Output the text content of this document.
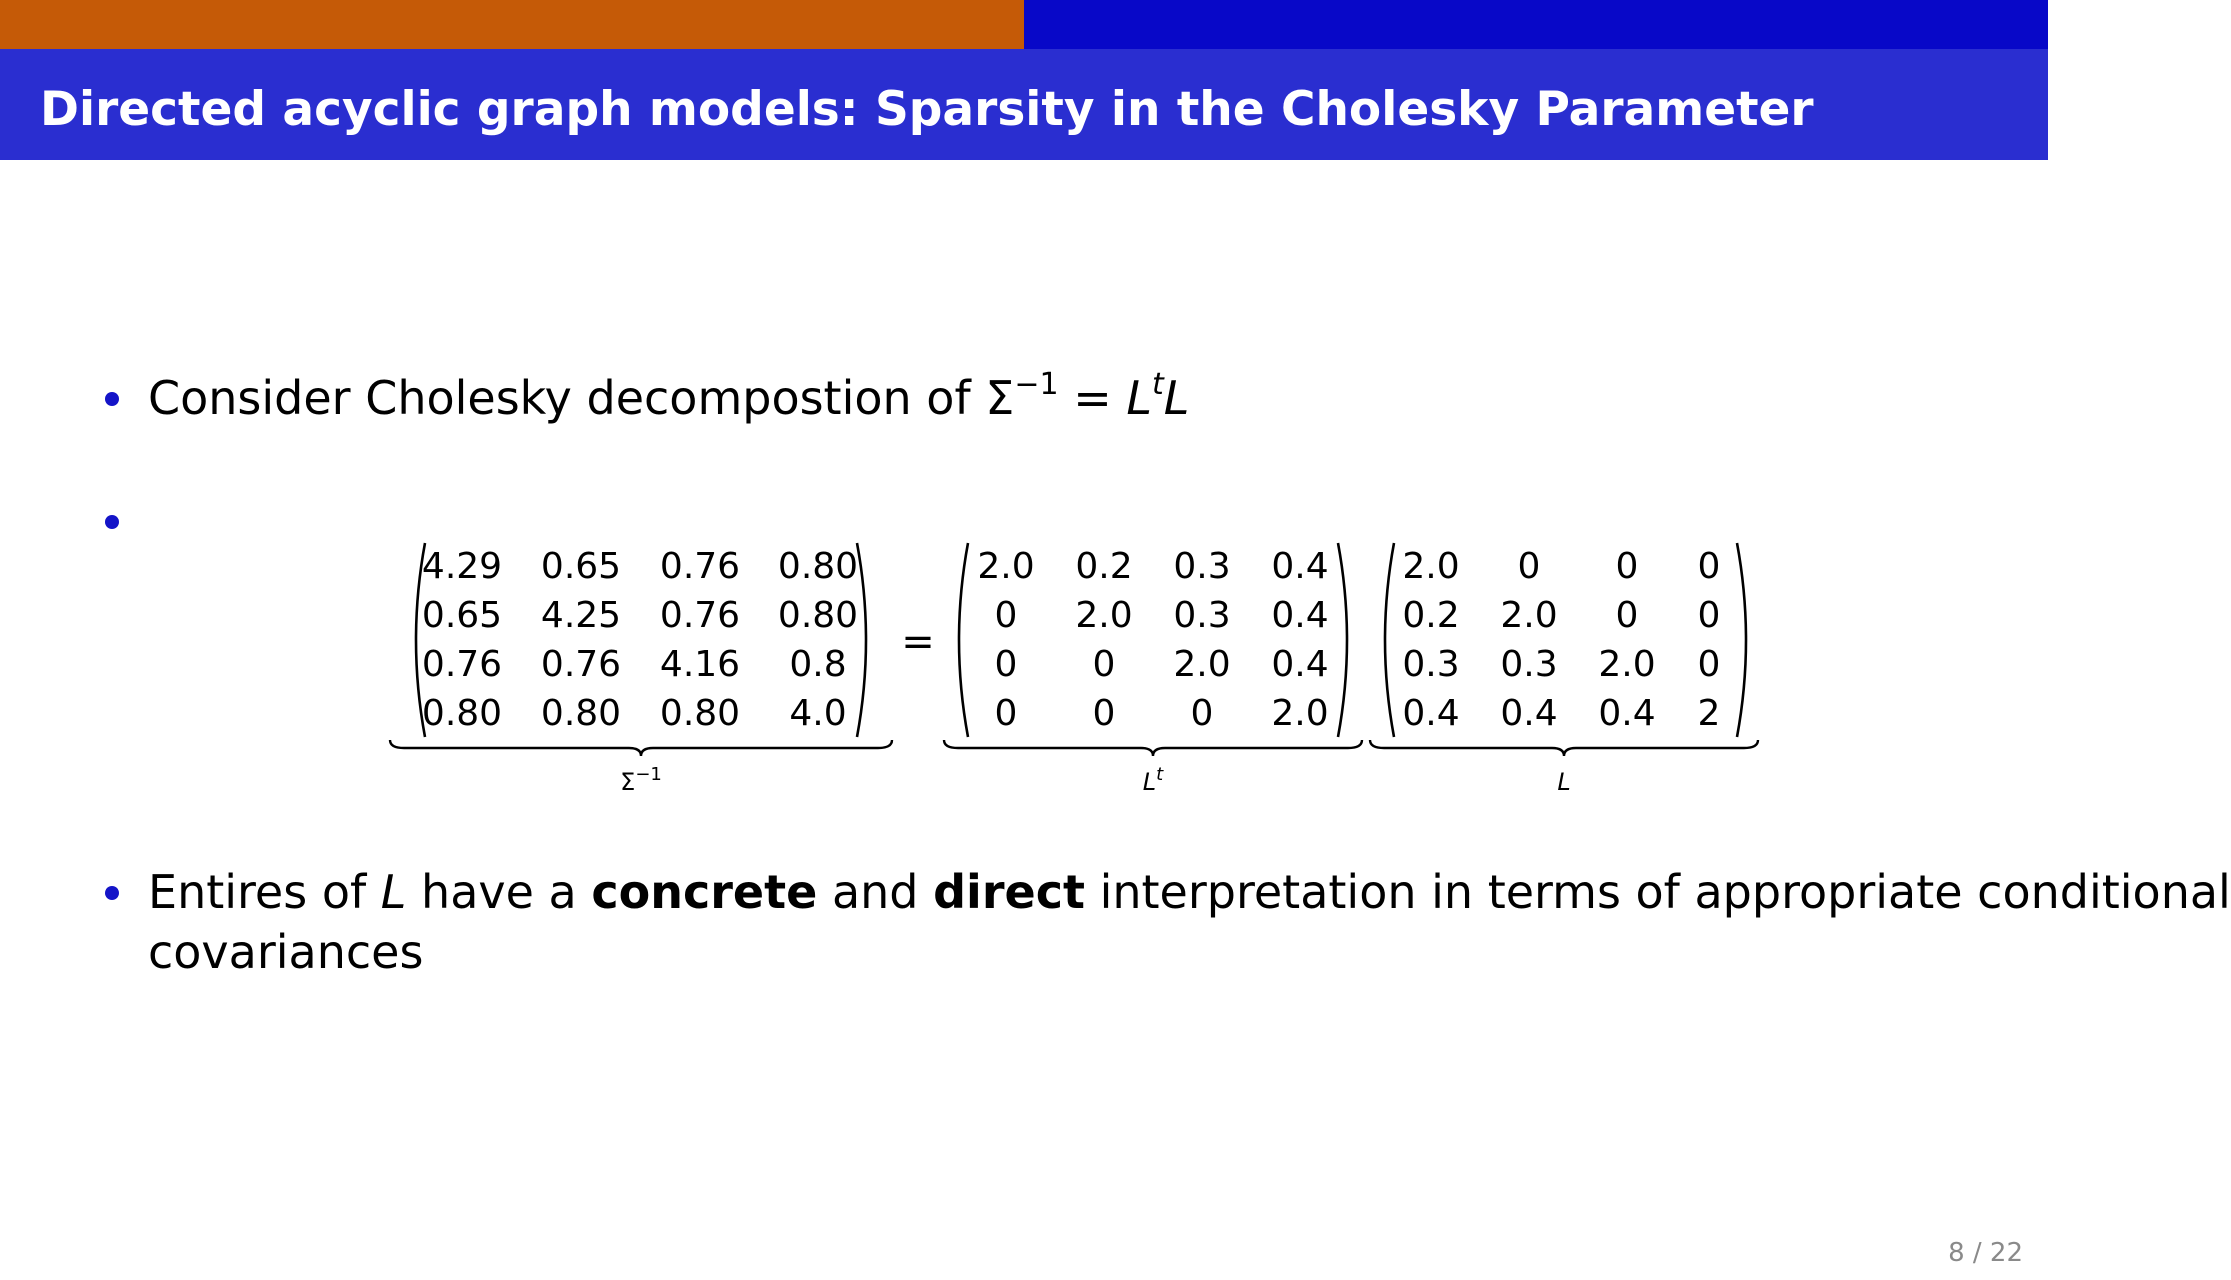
Directed acyclic graph models: Sparsity in the Cholesky Parameter
Consider Cholesky decompostion of $\Sigma^{-1} = L^tL$
4.29 0.65 0.76 0.80
0.65 4.25 0.76 0.80
0.76 0.76 4.16 0.8
0.80 0.80 0.80 4.0
$\Sigma^{-1}$
2.0 0.2 0.3 0.4
0 2.0 0.3 0.4
0 0 2.0 0.4
0 0 0 2.0
$L^t$
2.0 0 0 0
0.2 2.0 0 0
0.3 0.3 2.0 0
0.4 0.4 0.4 2
L
=
Entires of L have a concrete and direct interpretation in terms of appropriate conditional
covariances
8 / 22
